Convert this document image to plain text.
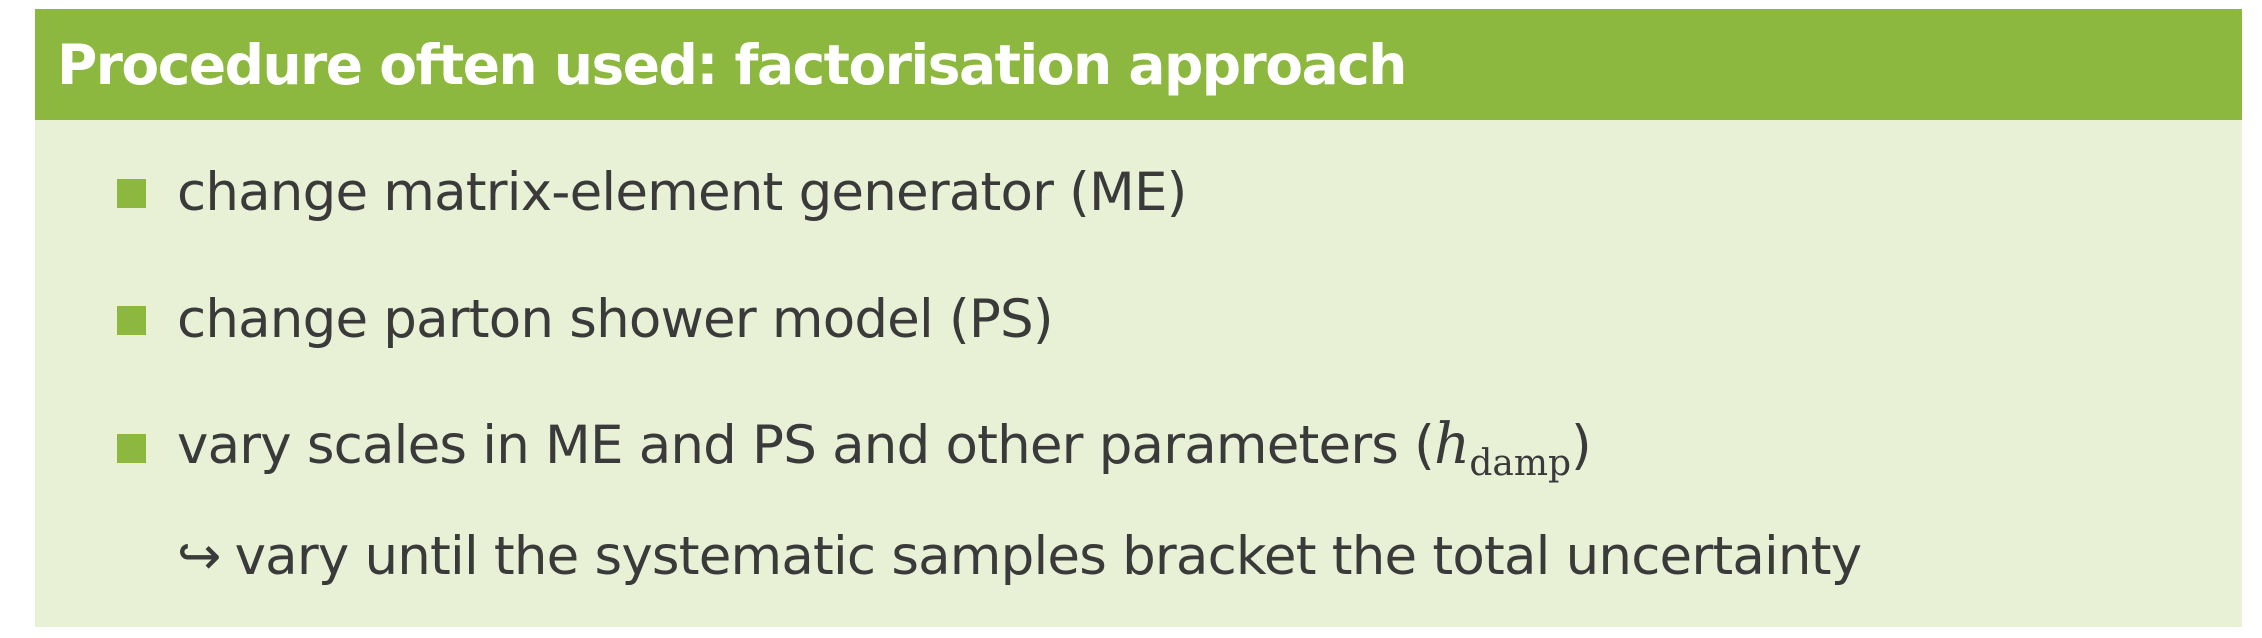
Procedure often used: factorisation approach
change matrix-element generator (ME)
change parton shower model (PS)
vary scales in ME and PS and other parameters $(h_{damp})$
↪ vary until the systematic samples bracket the total uncertainty
